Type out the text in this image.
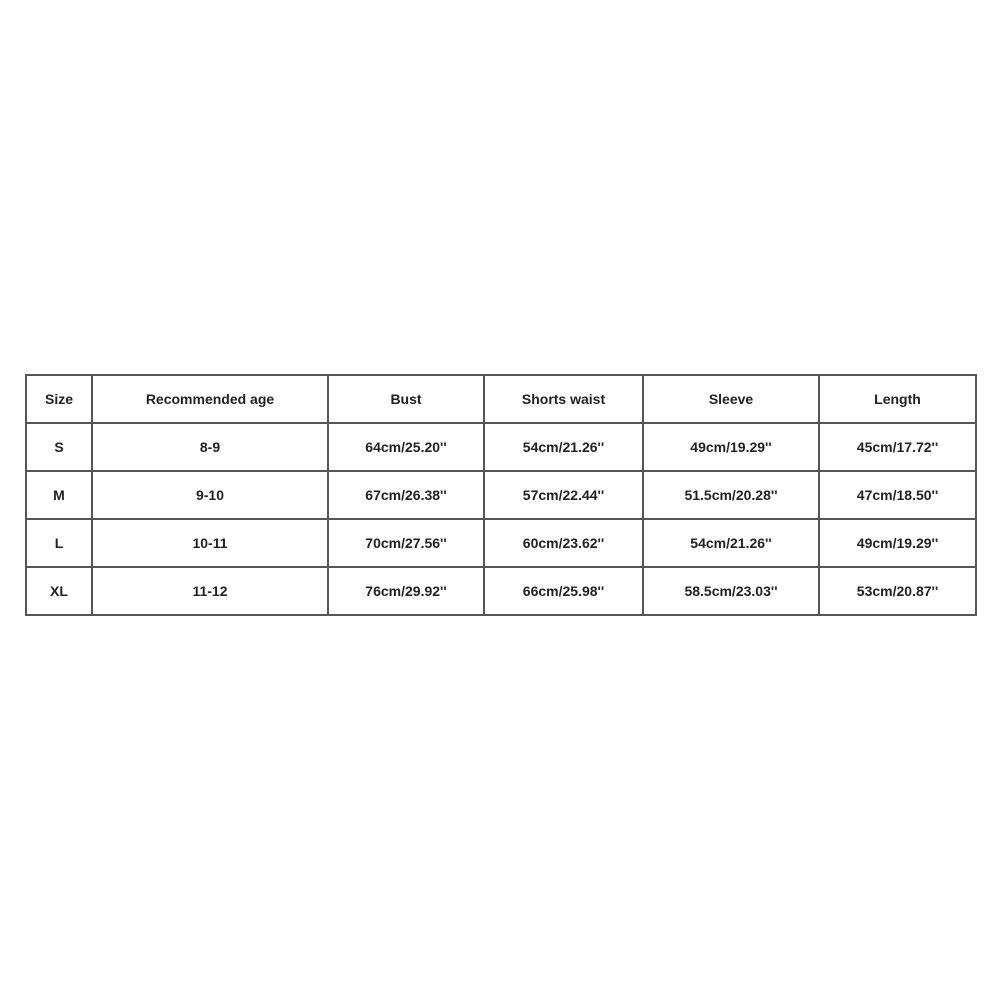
Size	Recommended age	Bust	Shorts waist	Sleeve	Length
S	8-9	64cm/25.20''	54cm/21.26''	49cm/19.29''	45cm/17.72''
M	9-10	67cm/26.38''	57cm/22.44''	51.5cm/20.28''	47cm/18.50''
L	10-11	70cm/27.56''	60cm/23.62''	54cm/21.26''	49cm/19.29''
XL	11-12	76cm/29.92''	66cm/25.98''	58.5cm/23.03''	53cm/20.87''
